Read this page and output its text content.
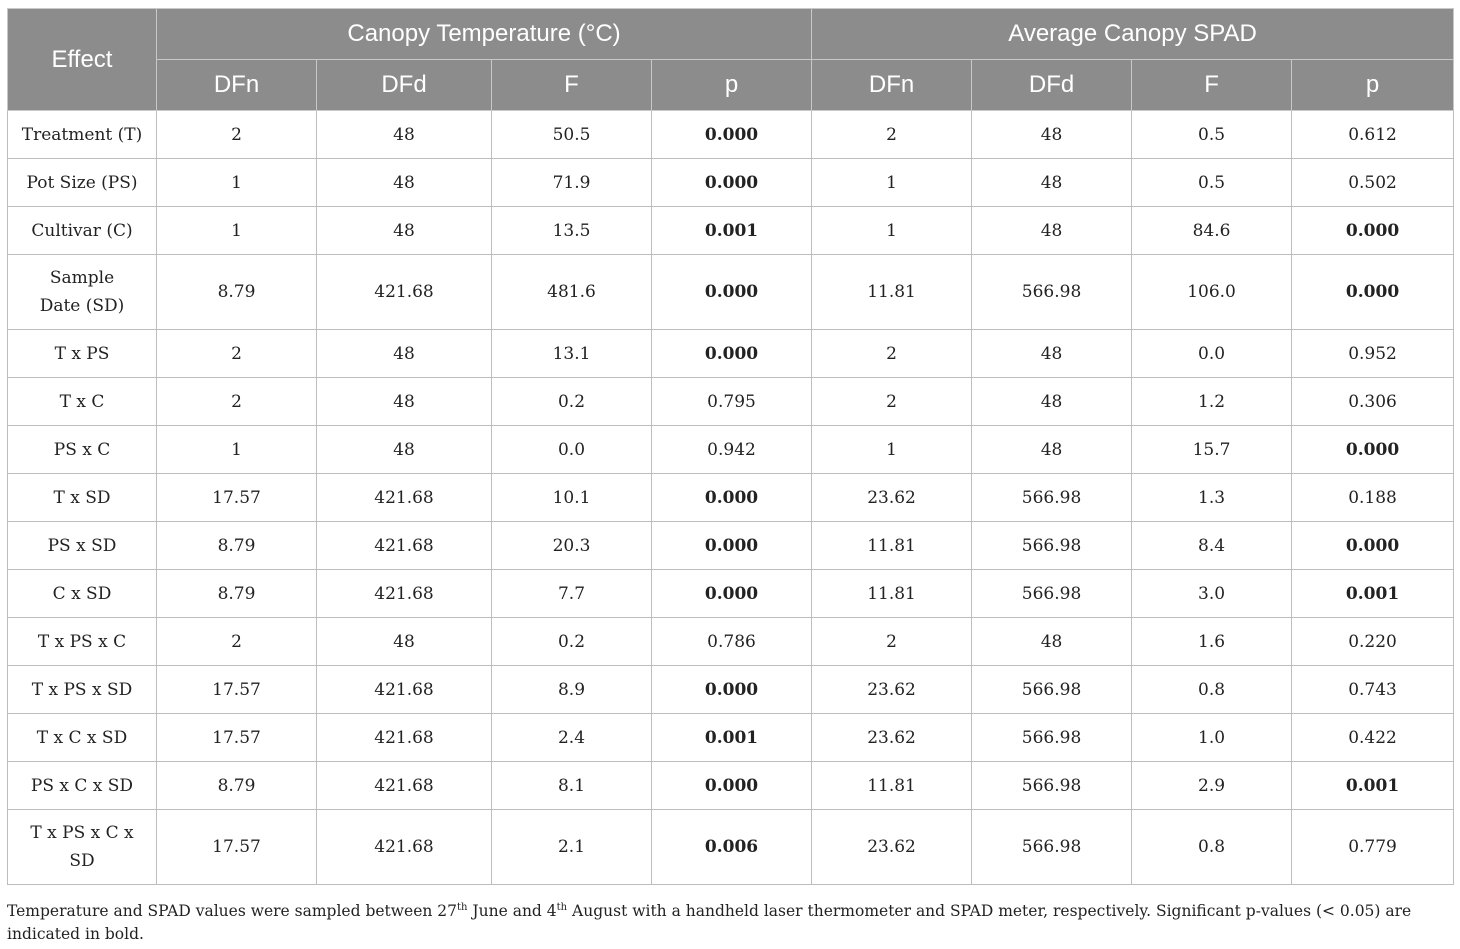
Effect	Canopy Temperature (°C)				Average Canopy SPAD			
	DFn	DFd	F	p	DFn	DFd	F	p
Treatment (T)	2	48	50.5	0.000	2	48	0.5	0.612
Pot Size (PS)	1	48	71.9	0.000	1	48	0.5	0.502
Cultivar (C)	1	48	13.5	0.001	1	48	84.6	0.000
Sample Date (SD)	8.79	421.68	481.6	0.000	11.81	566.98	106.0	0.000
T x PS	2	48	13.1	0.000	2	48	0.0	0.952
T x C	2	48	0.2	0.795	2	48	1.2	0.306
PS x C	1	48	0.0	0.942	1	48	15.7	0.000
T x SD	17.57	421.68	10.1	0.000	23.62	566.98	1.3	0.188
PS x SD	8.79	421.68	20.3	0.000	11.81	566.98	8.4	0.000
C x SD	8.79	421.68	7.7	0.000	11.81	566.98	3.0	0.001
T x PS x C	2	48	0.2	0.786	2	48	1.6	0.220
T x PS x SD	17.57	421.68	8.9	0.000	23.62	566.98	0.8	0.743
T x C x SD	17.57	421.68	2.4	0.001	23.62	566.98	1.0	0.422
PS x C x SD	8.79	421.68	8.1	0.000	11.81	566.98	2.9	0.001
T x PS x C x SD	17.57	421.68	2.1	0.006	23.62	566.98	0.8	0.779
Temperature and SPAD values were sampled between 27th June and 4th August with a handheld laser thermometer and SPAD meter, respectively. Significant p-values (< 0.05) are indicated in bold.
